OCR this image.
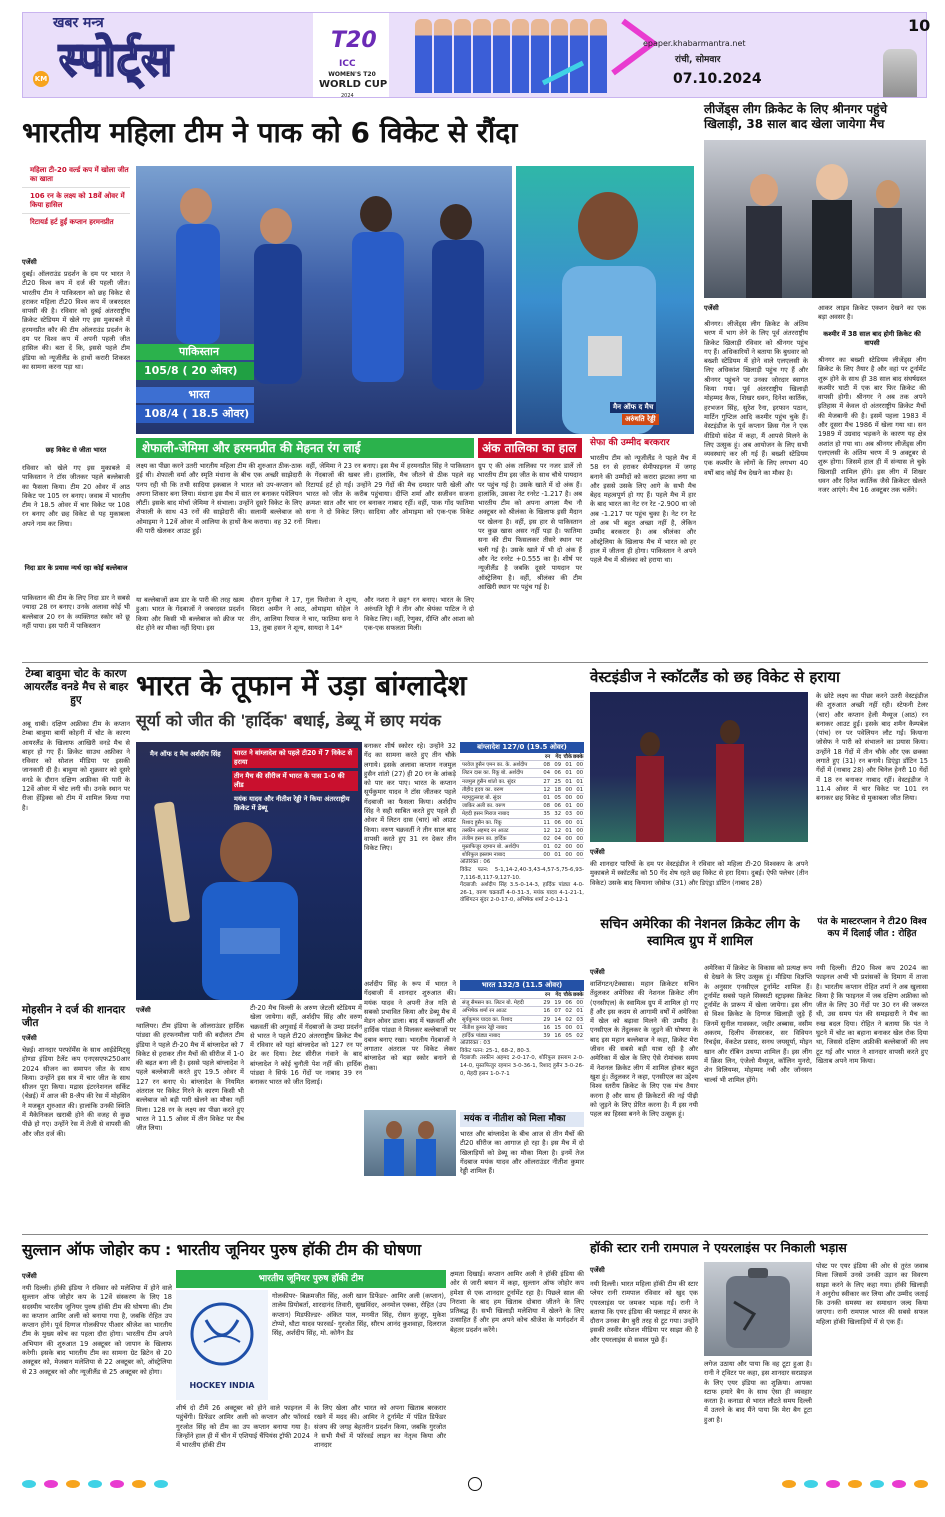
खबर मन्त्र
स्पोर्ट्स
KM
T20
ICC
WOMEN'S T20
WORLD CUP
2024
epaper.khabarmantra.net
रांची, सोमवार
07.10.2024
10
भारतीय महिला टीम ने पाक को 6 विकेट से रौंदा
महिला टी-20 वर्ल्ड कप में खोला जीत का खाता
106 रन के लक्ष्य को 18वें ओवर में किया हासिल
रिटायर्ड हर्ट हुईं कप्तान हरमनप्रीत
एजेंसी
दुबई। ऑलराउंड प्रदर्शन के दम पर भारत ने टी20 विश्व कप में दर्ज की पहली जीत। भारतीय टीम ने पाकिस्तान को छह विकेट से हराकर महिला टी20 विश्व कप में जबरदस्त वापसी की है। रविवार को दुबई अंतरराष्ट्रीय क्रिकेट स्टेडियम में खेले गए इस मुकाबले में हरमनप्रीत कौर की टीम ऑलराउंड प्रदर्शन के दम पर विश्व कप में अपनी पहली जीत हासिल की। बता दें कि, इससे पहले टीम इंडिया को न्यूजीलैंड के हाथों करारी शिकस्त का सामना करना पड़ा था।
छह विकेट से जीता भारत
रविवार को खेले गए इस मुकाबले में पाकिस्तान ने टॉस जीतकर पहले बल्लेबाजी का फैसला किया। टीम 20 ओवर में आठ विकेट पर 105 रन बनाए। जवाब में भारतीय टीम ने 18.5 ओवर में चार विकेट पर 108 रन बनाए और छह विकेट से यह मुकाबला अपने नाम कर लिया।
निदा डार के प्रयास न्यर्थ रहा कोई बल्लेबाज
पाकिस्तान की टीम के लिए निदा डार ने सबसे ज्यादा 28 रन बनाए। उनके अलावा कोई भी बल्लेबाज 20 रन के व्यक्तिगत स्कोर को छू नहीं पाया। इस पारी में पाकिस्तान
पाकिस्तान
105/8 ( 20 ओवर)
भारत
108/4 ( 18.5 ओवर)	मैन ऑफ द मैच
अरुंधति रेड्डी
शेफाली-जेमिमा और हरमनप्रीत की मेहनत रंग लाई
लक्ष्य का पीछा करने उतरी भारतीय महिला टीम की शुरुआत ठीक-ठाक हुई थी। शेफाली वर्मा और स्मृति मंधाना के बीच एक अच्छी साझेदारी पनप रही थी कि तभी सादिया इकबाल ने भारत को उप-कप्तान को अपना शिकार बना लिया। मंधाना इस मैच में सात रन बनाकर पवेलियन लौटीं। इसके बाद मोर्चा जेमिमा ने संभाला। उन्होंने दूसरे विकेट के लिए शेफाली के साथ 43 रनों की साझेदारी की। सलामी बल्लेबाज को ओमाइमा ने 12वें ओवर में आलिया के हाथों कैच कराया। वह 32 रनों की पारी खेलकर आउट हुईं।
वहीं, जेमिमा ने 23 रन बनाए। इस मैच में हरमनप्रीत सिंह ने पाकिस्तान के गेंदबाजों की खबर ली। हालांकि, मैच जीतने से ठीक पहले वह रिटायर्ड हर्ट हो गईं। उन्होंने 29 गेंदों की मैच दमदार पारी खेली और भारत को जीत के करीब पहुंचाया। दीप्ति शर्मा और सजीवन सजना क्रमशः सात और चार रन बनाकर नाबाद रहीं। वहीं, पाक गोंद फातिमा सना ने दो विकेट लिए। सादिया और ओमाइमा को एक-एक विकेट मिला।
या बल्लेबाजों क्रम डार के पारी की तरह खत्म हुआ। भारत के गेंदबाजों ने जबरदस्त प्रदर्शन किया और किसी भी बल्लेबाज को क्रीज पर सेट होने का मौका नहीं दिया। इस
दौरान मुनीबा ने 17, गुल फिरोजा ने शून्य, सिदरा अमीन ने आठ, ओमाइमा सोहेल ने तीन, आलिया रियाज ने चार, फातिमा सना ने 13, तुबा हसन ने शून्य, सायदा ने 14*
और नशरा ने छह* रन बनाए। भारत के लिए अरुंधति रेड्डी ने तीन और श्रेयंका पाटिल ने दो विकेट लिए। वहीं, रेणुका, दीप्ति और आशा को एक-एक सफलता मिली।
अंक तालिका का हाल
ग्रुप ए की अंक तालिका पर नजर डालें तो भारतीय टीम इस जीत के साथ चौथे पायदान पर पहुंच गई है। उसके खाते में दो अंक हैं। हालांकि, उसका नेट रनरेट -1.217 है। अब भारतीय टीम को अपना अगला मैच नौ अक्टूबर को श्रीलंका के खिलाफ इसी मैदान पर खेलना है। वहीं, इस हार से पाकिस्तान पर कुछ खास असर नहीं पड़ा है। फातिमा सना की टीम फिसलकर तीसरे स्थान पर चली गई है। उसके खाते में भी दो अंक हैं और नेट रनरेट +0.555 का है। शीर्ष पर न्यूजीलैंड है जबकि दूसरे पायदान पर ऑस्ट्रेलिया है। वहीं, श्रीलंका की टीम आखिरी स्थान पर पहुंच गई है।
सेफा की उम्मीद बरकरार
भारतीय टीम को न्यूजीलैंड ने पहले मैच में 58 रन से हराकर सेमीफाइनल में जगह बनाने की उम्मीदों को करारा झटका लगा था और इससे उसके लिए आगे के सभी मैच बेहद महत्वपूर्ण हो गए हैं। पहले मैच में हार के बाद भारत का नेट रन रेट -2.900 था जो अब -1.217 पर पहुंच चुका है। नेट रन रेट तो अब भी बहुत अच्छा नहीं है, लेकिन उम्मीद बरकरार है। अब श्रीलंका और ऑस्ट्रेलिया के खिलाफ मैच में भारत को हर हाल में जीतना ही होगा। पाकिस्तान ने अपने पहले मैच में श्रीलंका को हराया था।
लीजेंड्स लीग क्रिकेट के लिए श्रीनगर पहुंचे खिलाड़ी, 38 साल बाद खेला जायेगा मैच
एजेंसी
श्रीनगर। लीजेंड्स लीग क्रिकेट के अंतिम चरण में भाग लेने के लिए पूर्व अंतरराष्ट्रीय क्रिकेट खिलाड़ी रविवार को श्रीनगर पहुंच गए हैं। अधिकारियों ने बताया कि बुधवार को बख्शी स्टेडियम में होने वाले एलएलसी के लिए अधिकांश खिलाड़ी पहुंच गए हैं और श्रीनगर पहुंचने पर उनका जोरदार स्वागत किया गया। पूर्व अंतरराष्ट्रीय खिलाड़ी मोहम्मद कैफ, शिखर धवन, दिनेश कार्तिक, हरभजन सिंह, सुरेश रैना, इरफान पठान, मार्टिन गुप्टिल आदि कश्मीर पहुंच चुके हैं। वेस्टइंडीज के पूर्व कप्तान क्रिस गेल ने एक वीडियो संदेश में कहा, मैं आपसे मिलने के लिए उत्सुक हूं। अब आयोजन के लिए सभी व्यवस्थाएं कर ली गई हैं। बख्शी स्टेडियम एक कश्मीर के लोगों के लिए लगभग 40 वर्षों बाद कोई मैच देखने का मौका है।
आकर लाइव क्रिकेट एक्शन देखने का एक बड़ा अवसर है।
कश्मीर में 38 साल बाद होगी क्रिकेट की वापसी
श्रीनगर का बख्शी स्टेडियम लीजेंड्स लीग क्रिकेट के लिए तैयार है और वहां पर टूर्नामेंट शुरू होने के साथ ही 38 साल बाद संघर्षग्रस्त कश्मीर घाटी में एक बार फिर क्रिकेट की वापसी होगी। श्रीनगर ने अब तक अपने इतिहास में केवल दो अंतरराष्ट्रीय क्रिकेट मैचों की मेजबानी की है। इसमें पहला 1983 में और दूसरा मैच 1986 में खेला गया था। सन 1989 में उग्रवाद भड़कने के कारण यह क्षेत्र अशांत हो गया था। अब श्रीनगर लीजेंड्स लीग एलएलसी के अंतिम चरण में 9 अक्टूबर से शुरू होगा। जिसमें हाल ही में संन्यास ले चुके खिलाड़ी शामिल होंगे। इस लीग में शिखर धवन और दिनेश कार्तिक जैसे क्रिकेटर खेलते नजर आएंगे। मैच 16 अक्टूबर तक चलेंगे।
टेम्बा बावुमा चोट के कारण आयरलैंड वनडे मैच से बाहर हुए
अबू धाबी। दक्षिण अफ्रीका टीम के कप्तान टेम्बा बावुमा बायीं कोहनी में चोट के कारण आयरलैंड के खिलाफ आखिरी वनडे मैच से बाहर हो गए हैं। क्रिकेट साउथ अफ्रीका ने रविवार को सोशल मीडिया पर इसकी जानकारी दी है। बावुमा को शुक्रवार को दूसरे वनडे के दौरान दक्षिण अफ्रीका की पारी के 12वें ओवर में चोट लगी थी। उनके स्थान पर रीजा हेंड्रिक्स को टीम में शामिल किया गया है।
मोहसीन ने दर्ज की शानदार जीत
एजेंसी
चेन्नई। शानदार परफॉर्मेंस के साथ आईडेमिट्सु होण्डा इंडिया टैलेंट कप एनएसएफ250आर 2024 सीजन का समापन जीत के साथ किया। उन्होंने इस सत्र में चार जीत के साथ सीजन पूरा किया। मद्रास इंटरनेशनल सर्किट (चेन्नई) में आज की 8-लैप की रेस में मोहसिन ने मजबूत शुरुआत की। हालांकि उनकी स्थिति में मैकेनिकल खराबी होने की वजह से कुछ पीछे हो गए। उन्होंने रेस में तेजी से वापसी की और जीत दर्ज की।
भारत के तूफान में उड़ा बांग्लादेश
सूर्या को जीत की 'हार्दिक' बधाई, डेब्यू में छाए मयंक
मैन ऑफ द मैच अर्शदीप सिंह	भारत ने बांग्लादेश को पहले टी20 में 7 विकेट से हराया
तीन मैच की सीरीज में भारत के पास 1-0 की लीड
मयंक यादव और नीतीश रेड्डी ने किया अंतरराष्ट्रीय क्रिकेट में डेब्यू
एजेंसी
ग्वालियर। टीम इंडिया के ऑलराउंडर हार्दिक पांड्या की हरफनमौला पारी की बदौलत टीम इंडिया ने पहले टी-20 मैच में बांग्लादेश को 7 विकेट से हराकर तीन मैचों की सीरीज में 1-0 की बढ़त बना ली है। इससे पहले बांग्लादेश ने पहले बल्लेबाजी करते हुए 19.5 ओवर में 127 रन बनाए थे। बांग्लादेश के नियमित अंतराल पर विकेट गिरने के कारण किसी भी बल्लेबाज को बड़ी पारी खेलने का मौका नहीं मिला। 128 रन के लक्ष्य का पीछा करते हुए भारत ने 11.5 ओवर में तीन विकेट पर मैच जीत लिया।
टी-20 मैच विल्ली के अरुण जेटली स्टेडियम में खेला जायेगा। वहीं, अर्शदीप सिंह और वरुण चक्रवर्ती की अगुवाई में गेंदबाजों के उम्दा प्रदर्शन से भारत ने पहले टी20 अंतरराष्ट्रीय क्रिकेट मैच में रविवार को यहां बांग्लादेश को 127 रन पर ढेर कर दिया। टेस्ट सीरीज गंवाने के बाद बांग्लादेश ने कोई चुनौती पेश नहीं की। हार्दिक पांड्या ने सिर्फ 16 गेंदों पर नाबाद 39 रन बनाकर भारत को जीत दिलाई।
बनाकर शीर्ष स्कोरर रहे। उन्होंने 32 गेंद का सामना करते हुए तीन चौके लगाये। इसके अलावा कप्तान नजमुल हुसैन शांतो (27) ही 20 रन के आंकड़े को पार कर पाए। भारत के कप्तान सूर्यकुमार यादव ने टॉस जीतकर पहले गेंदबाजी का फैसला किया। अर्शदीप सिंह ने सही साबित करते हुए पहले ही ओवर में लिटन दास (चार) को आउट किया। वरुण चक्रवर्ती ने तीन साल बाद वापसी करते हुए 31 रन देकर तीन विकेट लिए।
अर्शदीप सिंह के रूप में भारत ने गेंदबाजी में शानदार शुरुआत की। मयंक यादव ने अपनी तेज गति से सबको प्रभावित किया और डेब्यू मैच में मेडन ओवर डाला। बाद में चक्रवर्ती और हार्दिक पांड्या ने मिलकर बल्लेबाजों पर दबाव बनाए रखा। भारतीय गेंदबाजों ने लगातार अंतराल पर विकेट लेकर बांग्लादेश को बड़ा स्कोर बनाने से रोका।
बांग्लादेश 127/0 (19.5 ओवर)
रन	गेंद चौके छक्के
परवेज हुसैन एमन का. के. अर्शदीप	08 09 01 00
लिटन दास का. रिंकू बो. अर्शदीप	04 06 01 00
नजमुल हुसैन शांतो का. सुंदर	27 25 01 01
तौहीद हृदय का. वरुण	12 18 00 01
महमूदुल्लाह बो. सुंदर	01 05 00 00
जाकिर अली का. वरुण	08 06 01 00
मेहदी हसन मिराज नाबाद	35 32 03 00
रिशाद हुसैन का. रिंकू	11 06 00 01
तस्कीन अहमद रन आउट	12 12 01 00
तंजीम हसन का. हार्दिक	02 04 00 00
मुस्तफिजुर रहमान बो. अर्शदीप	01 02 00 00
शोरिफुल इस्लाम नाबाद	00 01 00 00
अतिरिक्त : 06
विकेट पतन: 5-1,14-2,40-3,43-4,57-5,75-6,93-7,116-8,117-9,127-10.
गेंदबाजी: अर्शदीप सिंह 3.5-0-14-3, हार्दिक पांड्या 4-0-26-1, वरुण चक्रवर्ती 4-0-31-3, मयंक यादव 4-1-21-1, वॉशिंगटन सुंदर 2-0-17-0, अभिषेक शर्मा 2-0-12-1
भारत 132/3 (11.5 ओवर)
रन	गेंद चौके छक्के
संजू सैमसन का. लिटन बो. मेहदी	29 19 06 00
अभिषेक शर्मा रन आउट	16 07 02 01
सूर्यकुमार यादव का. रिशाद	29 14 02 03
नीतीश कुमार रेड्डी नाबाद	16 15 00 01
हार्दिक पांड्या नाबाद	39 16 05 02
अतिरिक्त : 03
विकेट पतन: 25-1, 68-2, 80-3.
गेंदबाजी: तस्कीन अहमद 2-0-17-0, शोरिफुल इस्लाम 2-0-14-0, मुस्तफिजुर रहमान 3-0-36-1, रिशाद हुसैन 3-0-26-0, मेहदी हसन 1-0-7-1
मयंक व नीतीश को मिला मौका
भारत और बांग्लादेश के बीच आज से तीन मैचों की टी20 सीरीज का आगाज हो रहा है। इस मैच में दो खिलाड़ियों को डेब्यू का मौका मिला है। इनमें तेज गेंदबाज मयंक यादव और ऑलराउंडर नीतीश कुमार रेड्डी शामिल हैं।
वेस्टइंडीज ने स्कॉटलैंड को छह विकेट से हराया
एजेंसी
की शानदार पारियों के दम पर वेस्टइंडीज ने रविवार को महिला टी-20 विश्वकप के अपने मुकाबले में स्कॉटलैंड को 50 गेंद शेष रहते छह विकेट से हरा दिया। दुबई। ऐफी फ्लेचर (तीन विकेट) उसके बाद कियाना जोसेफ (31) और डिएंड्रा डॉटिन (नाबाद 28)
के छोटे लक्ष्य का पीछा करने उतरी वेस्टइंडीज की शुरुआत अच्छी नहीं रही। स्टेफनी टेलर (चार) और कप्तान हेली मैथ्यूज (आठ) रन बनाकर आउट हुईं। इसके बाद शमैन कैम्पबेल (पांच) रन पर पवेलियन लौट गईं। कियाना जोसेफ ने पारी को संभालने का प्रयास किया। उन्होंने 18 गेंदों में तीन चौके और एक छक्का लगाते हुए (31) रन बनाये। डिएंड्रा डॉटिन 15 गेंदों में (नाबाद 28) और चिनेल हेनरी 10 गेंदों में 18 रन बनाकर नाबाद रहीं। वेस्टइंडीज ने 11.4 ओवर में चार विकेट पर 101 रन बनाकर छह विकेट से मुकाबला जीत लिया।
सचिन अमेरिका की नेशनल क्रिकेट लीग के स्वामित्व ग्रुप में शामिल
एजेंसी
वाशिंगटन/टेक्सास। महान क्रिकेटर सचिन तेंदुलकर अमेरिका की नेशनल क्रिकेट लीग (एनसीएल) के स्वामित्व ग्रुप में शामिल हो गए हैं और इस कदम से आगामी वर्षों में अमेरिका में खेल को बढ़ावा मिलने की उम्मीद है। एनसीएल के तेंदुलकर के जुड़ने की घोषणा के बाद इस महान बल्लेबाज ने कहा, क्रिकेट मेरा जीवन की सबसे बड़ी यात्रा रही है और अमेरिका में खेल के लिए ऐसे रोमांचक समय में नेशनल क्रिकेट लीग में शामिल होकर बहुत खुश हूं। तेंदुलकर ने कहा, एनसीएल का उद्देश्य विश्व स्तरीय क्रिकेट के लिए एक मंच तैयार करना है और साथ ही क्रिकेटरों की नई पीढ़ी को जुड़ने के लिए प्रेरित करना है। मैं इस नयी पहल का हिस्सा बनने के लिए उत्सुक हूं।
अमेरिका में क्रिकेट के विकास को प्रत्यक्ष रूप से देखने के लिए उत्सुक हूं। मीडिया विज्ञप्ति के अनुसार एनसीएल टूर्नामेंट शामिल हैं। टूर्नामेंट सबसे पहले सिक्सटी स्ट्राइक्स क्रिकेट टूर्नामेंट के प्रारूप में खेला जायेगा। इस लीग से विश्व क्रिकेट के दिग्गज खिलाड़ी जुड़े हैं जिनमें सुनील गावस्कर, जहीर अब्बास, वसीम अकरम, दिलीप वेंगसरकर, सर विवियन रिचर्ड्स, वेंकटेश प्रसाद, सनथ जयसूर्या, मोइन खान और रॉबिन उथप्पा शामिल हैं। इस लीग में क्रिस लिन, एंजेलो मैथ्यूज, कॉलिन मुनरो, शेन विलियम्स, मोहम्मद नबी और जॉनसन चार्ल्स भी शामिल होंगे।
पंत के मास्टरप्लान ने टी20 विश्व कप में दिलाई जीत : रोहित
नयी दिल्ली। टी20 विश्व कप 2024 का फाइनल अभी भी प्रशंसकों के दिमाग में ताजा है। भारतीय कप्तान रोहित शर्मा ने अब खुलासा किया है कि फाइनल में जब दक्षिण अफ्रीका को जीत के लिए 30 गेंदों पर 30 रन की जरूरत थी, उस समय पंत की समझदारी ने मैच का रुख बदल दिया। रोहित ने बताया कि पंत ने घुटने में चोट का बहाना बनाकर खेल रोक दिया था, जिससे दक्षिण अफ्रीकी बल्लेबाजों की लय टूट गई और भारत ने शानदार वापसी करते हुए खिताब अपने नाम किया।
सुल्तान ऑफ जोहोर कप : भारतीय जूनियर पुरुष हॉकी टीम की घोषणा
एजेंसी
नयी दिल्ली। हॉकी इंडिया ने रविवार को मलेशिया में होने वाले सुल्तान ऑफ जोहोर कप के 12वें संस्करण के लिए 18 सदस्यीय भारतीय जूनियर पुरुष हॉकी टीम की घोषणा की। टीम का कप्तान आमिर अली को बनाया गया है, जबकि रोहित उप कप्तान होंगे। पूर्व दिग्गज गोलकीपर पीआर श्रीजेश का भारतीय टीम के मुख्य कोच का पहला दौरा होगा। भारतीय टीम अपने अभियान की शुरुआत 19 अक्टूबर को जापान के खिलाफ करेगी। इसके बाद भारतीय टीम का सामना ग्रेट ब्रिटेन से 20 अक्टूबर को, मेजबान मलेशिया से 22 अक्टूबर को, ऑस्ट्रेलिया से 23 अक्टूबर को और न्यूजीलैंड से 25 अक्टूबर को होगा।
भारतीय जूनियर पुरुष हॉकी टीम
HOCKEY INDIA
गोलकीपर- बिक्रमजीत सिंह, अली खान डिफेंडर- आमिर अली (कप्तान), तालेम प्रियोबर्ता, शारदानंद तिवारी, सुखविंदर, अनमोल एक्का, रोहित (उप कप्तान) मिडफील्डर- अंकित पाल, मनमीत सिंह, रोसन कुजूर, मुकेश टोप्पो, थौटा यादव फारवर्ड- गुरजोत सिंह, सौरभ आनंद कुशवाहा, दिलराज सिंह, अर्शदीप सिंह, मो. कोनैन डैड
शीर्ष दो टीमें 26 अक्टूबर को होने वाले फाइनल में पहुंचेंगी। डिफेंडर आमिर अली को कप्तान और फॉरवर्ड गुरजोत सिंह को टीम का उप कप्तान बनाया गया है। जिन्होंने हाल ही में चीन में एशियाई चैंपियंस ट्रॉफी 2024 में भारतीय हॉकी टीम
के लिए खेला और भारत को अपना खिताब बरकरार रखने में मदद की। आमिर ने टूर्नामेंट में पंडित डिफेंडर संजय की जगह बेहतरीन प्रदर्शन किया, जबकि गुरजोत ने सभी मैचों में फॉरवर्ड लाइन का नेतृत्व किया और शानदार
क्षमता दिखाई। कप्तान आमिर अली ने हॉकी इंडिया की ओर से जारी बयान में कहा, सुल्तान ऑफ जोहोर कप हमेशा से एक शानदार टूर्नामेंट रहा है। पिछले साल की निराशा के बाद हम खिताब दोबारा जीतने के लिए प्रतिबद्ध हैं। सभी खिलाड़ी मलेशिया में खेलने के लिए उत्साहित हैं और हम अपने कोच श्रीजेश के मार्गदर्शन में बेहतर प्रदर्शन करेंगे।
हॉकी स्टार रानी रामपाल ने एयरलाइंस पर निकाली भड़ास
एजेंसी
नयी दिल्ली। भारत महिला हॉकी टीम की स्टार प्लेयर रानी रामपाल रविवार को खुद एक एयरलाइंस पर जमकर भड़क गईं। रानी ने बताया कि एयर इंडिया की फ्लाइट में सफर के दौरान उनका बैग बुरी तरह से टूट गया। उन्होंने इसकी तस्वीर सोशल मीडिया पर साझा की है और एयरलाइंस से सवाल पूछे हैं।
लगेज उठाया और पाया कि वह टूटा हुआ है। रानी ने ट्विटर पर कहा, इस शानदार सरप्राइज के लिए एयर इंडिया का शुक्रिया। आपका स्टाफ हमारे बैग के साथ ऐसा ही व्यवहार करता है। कनाडा से भारत लौटते समय दिल्ली में उतरने के बाद मैंने पाया कि मेरा बैग टूटा हुआ है।
पोस्ट पर एयर इंडिया की ओर से तुरंत जवाब मिला जिसमें उनसे उनकी उड़ान का विवरण साझा करने के लिए कहा गया। हॉकी खिलाड़ी ने अनुरोध स्वीकार कर लिया और उम्मीद जताई कि उनकी समस्या का समाधान जल्द किया जाएगा। रानी रामपाल भारत की सबसे सफल महिला हॉकी खिलाड़ियों में से एक हैं।
